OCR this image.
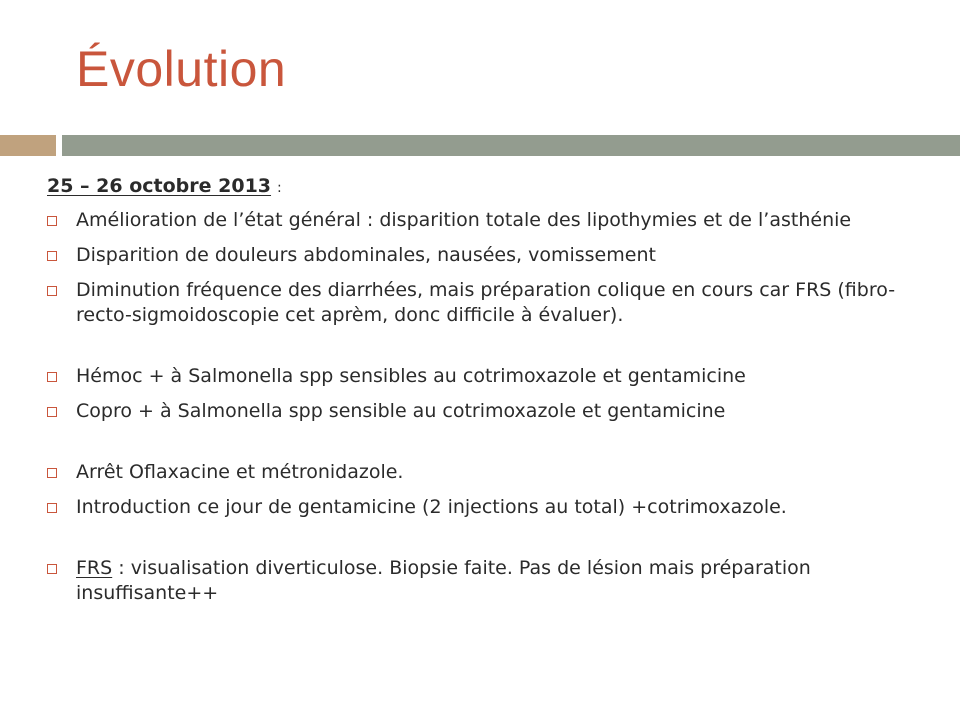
Évolution
25 – 26 octobre 2013 :
Amélioration de l’état général : disparition totale des lipothymies et de l’asthénie
Disparition de douleurs abdominales, nausées, vomissement
Diminution fréquence des diarrhées, mais préparation colique en cours car FRS (fibro-recto-sigmoidoscopie cet aprèm, donc difficile à évaluer).
Hémoc + à Salmonella spp sensibles au cotrimoxazole et gentamicine
Copro + à Salmonella spp sensible au cotrimoxazole et gentamicine
Arrêt Oflaxacine et métronidazole.
Introduction ce jour de gentamicine (2 injections au total) +cotrimoxazole.
FRS : visualisation diverticulose. Biopsie faite. Pas de lésion mais préparation insuffisante++
